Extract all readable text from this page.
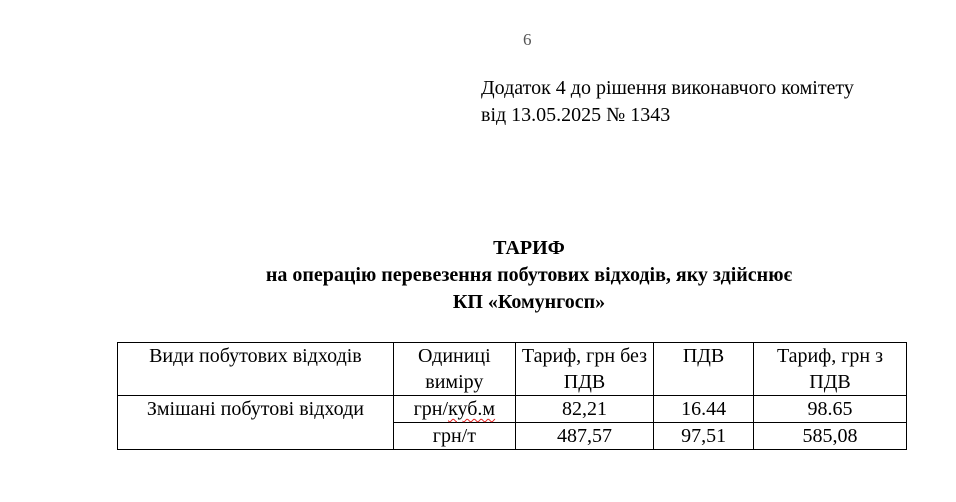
6
Додаток 4 до рішення виконавчого комітету
від 13.05.2025 № 1343
ТАРИФ
на операцію перевезення побутових відходів, яку здійснює
КП «Комунгосп»
Види побутових відходів	Одиниці виміру	Тариф, грн без ПДВ	ПДВ	Тариф, грн з ПДВ
Змішані побутові відходи	грн/куб.м	82,21	16.44	98.65
	грн/т	487,57	97,51	585,08
